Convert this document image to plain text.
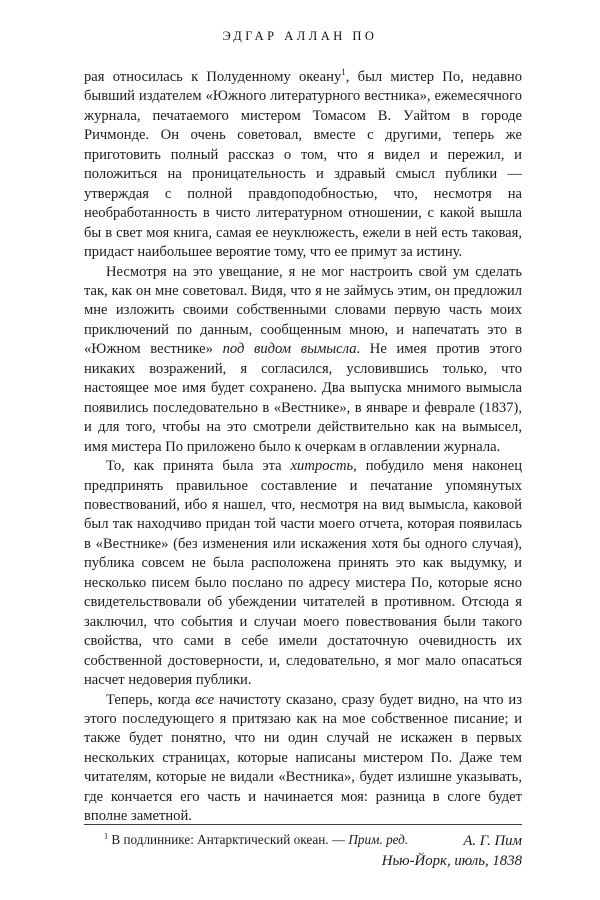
ЭДГАР АЛЛАН ПО

рая относилась к Полуденному океану$^1$, был мистер По, недавно бывший издателем «Южного литературного вестника», ежемесячного журнала, печатаемого мистером Томасом В. Уайтом в городе Ричмонде. Он очень советовал, вместе с другими, теперь же приготовить полный рассказ о том, что я видел и пережил, и положиться на проницательность и здравый смысл публики — утверждая с полной правдоподобностью, что, несмотря на необработанность в чисто литературном отношении, с какой вышла бы в свет моя книга, самая ее неуклюжесть, ежели в ней есть таковая, придаст наибольшее вероятие тому, что ее примут за истину.

Несмотря на это увещание, я не мог настроить свой ум сделать так, как он мне советовал. Видя, что я не займусь этим, он предложил мне изложить своими собственными словами первую часть моих приключений по данным, сообщенным мною, и напечатать это в «Южном вестнике» под видом вымысла. Не имея против этого никаких возражений, я согласился, условившись только, что настоящее мое имя будет сохранено. Два выпуска мнимого вымысла появились последовательно в «Вестнике», в январе и феврале (1837), и для того, чтобы на это смотрели действительно как на вымысел, имя мистера По приложено было к очеркам в оглавлении журнала.

То, как принята была эта хитрость, побудило меня наконец предпринять правильное составление и печатание упомянутых повествований, ибо я нашел, что, несмотря на вид вымысла, каковой был так находчиво придан той части моего отчета, которая появилась в «Вестнике» (без изменения или искажения хотя бы одного случая), публика совсем не была расположена принять это как выдумку, и несколько писем было послано по адресу мистера По, которые ясно свидетельствовали об убеждении читателей в противном. Отсюда я заключил, что события и случаи моего повествования были такого свойства, что сами в себе имели достаточную очевидность их собственной достоверности, и, следовательно, я мог мало опасаться насчет недоверия публики.

Теперь, когда все начистоту сказано, сразу будет видно, на что из этого последующего я притязаю как на мое собственное писание; и также будет понятно, что ни один случай не искажен в первых нескольких страницах, которые написаны мистером По. Даже тем читателям, которые не видали «Вестника», будет излишне указывать, где кончается его часть и начинается моя: разница в слоге будет вполне заметной.

А. Г. Пим
Нью-Йорк, июль, 1838

$^1$ В подлиннике: Антарктический океан. — Прим. ред.
